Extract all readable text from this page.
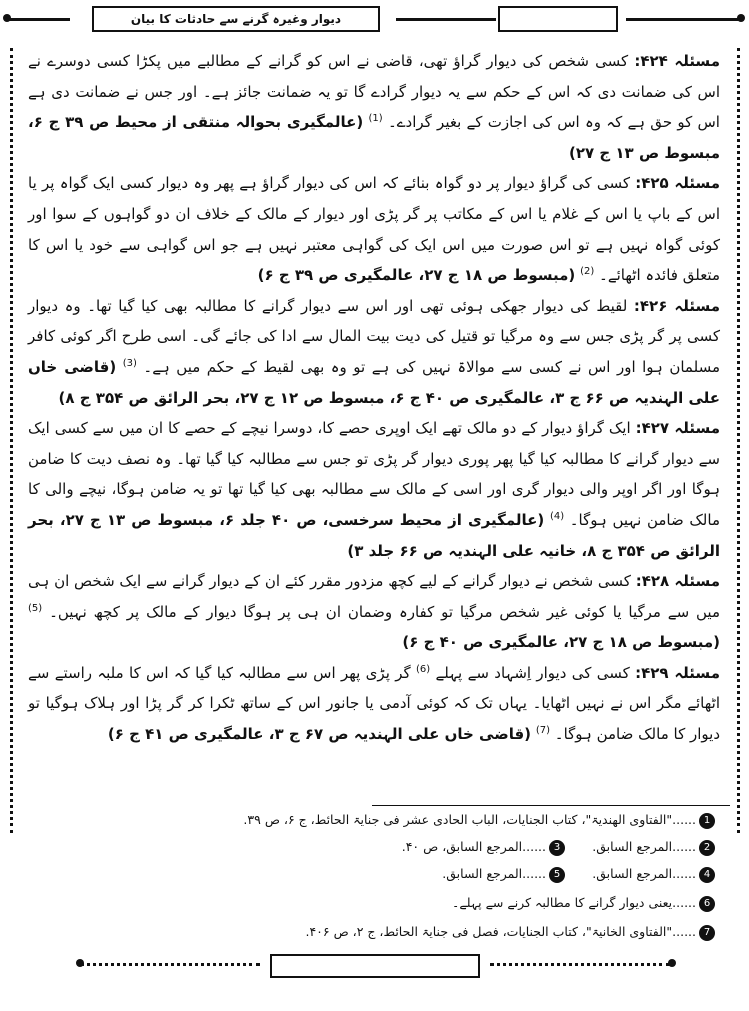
دیوار وغیرہ گرنے سے حادثات کا بیان

مسئلہ ۴۲۴: کسی شخص کی دیوار گراؤ تھی، قاضی نے اس کو گرانے کے مطالبے میں پکڑا کسی دوسرے نے اس کی ضمانت دی کہ اس کے حکم سے یہ دیوار گرادے گا تو یہ ضمانت جائز ہے۔ اور جس نے ضمانت دی ہے اس کو حق ہے کہ وہ اس کی اجازت کے بغیر گرادے۔ $^{(1)}$ (عالمگیری بحوالہ منتقی از محیط ص ۳۹ ج ۶، مبسوط ص ۱۳ ج ۲۷)

مسئلہ ۴۲۵: کسی کی گراؤ دیوار پر دو گواہ بنائے کہ اس کی دیوار گراؤ ہے پھر وہ دیوار کسی ایک گواہ پر یا اس کے باپ یا اس کے غلام یا اس کے مکاتب پر گر پڑی اور دیوار کے مالک کے خلاف ان دو گواہوں کے سوا اور کوئی گواہ نہیں ہے تو اس صورت میں اس ایک کی گواہی معتبر نہیں ہے جو اس گواہی سے خود یا اس کا متعلق فائدہ اٹھائے۔ $^{(2)}$ (مبسوط ص ۱۸ ج ۲۷، عالمگیری ص ۳۹ ج ۶)

مسئلہ ۴۲۶: لقیط کی دیوار جھکی ہوئی تھی اور اس سے دیوار گرانے کا مطالبہ بھی کیا گیا تھا۔ وہ دیوار کسی پر گر پڑی جس سے وہ مرگیا تو قتیل کی دیت بیت المال سے ادا کی جائے گی۔ اسی طرح اگر کوئی کافر مسلمان ہوا اور اس نے کسی سے موالاۃ نہیں کی ہے تو وہ بھی لقیط کے حکم میں ہے۔ $^{(3)}$ (قاضی خاں علی الہندیہ ص ۶۶ ج ۳، عالمگیری ص ۴۰ ج ۶، مبسوط ص ۱۲ ج ۲۷، بحر الرائق ص ۳۵۴ ج ۸)

مسئلہ ۴۲۷: ایک گراؤ دیوار کے دو مالک تھے ایک اوپری حصے کا، دوسرا نیچے کے حصے کا ان میں سے کسی ایک سے دیوار گرانے کا مطالبہ کیا گیا پھر پوری دیوار گر پڑی تو جس سے مطالبہ کیا گیا تھا۔ وہ نصف دیت کا ضامن ہوگا اور اگر اوپر والی دیوار گری اور اسی کے مالک سے مطالبہ بھی کیا گیا تھا تو یہ ضامن ہوگا، نیچے والی کا مالک ضامن نہیں ہوگا۔ $^{(4)}$ (عالمگیری از محیط سرخسی، ص ۴۰ جلد ۶، مبسوط ص ۱۳ ج ۲۷، بحر الرائق ص ۳۵۴ ج ۸، خانیہ علی الہندیہ ص ۶۶ جلد ۳)

مسئلہ ۴۲۸: کسی شخص نے دیوار گرانے کے لیے کچھ مزدور مقرر کئے ان کے دیوار گرانے سے ایک شخص ان ہی میں سے مرگیا یا کوئی غیر شخص مرگیا تو کفارہ وضمان ان ہی پر ہوگا دیوار کے مالک پر کچھ نہیں۔ $^{(5)}$ (مبسوط ص ۱۸ ج ۲۷، عالمگیری ص ۴۰ ج ۶)

مسئلہ ۴۲۹: کسی کی دیوار اِشہاد سے پہلے $^{(6)}$ گر پڑی پھر اس سے مطالبہ کیا گیا کہ اس کا ملبہ راستے سے اٹھائے مگر اس نے نہیں اٹھایا۔ یہاں تک کہ کوئی آدمی یا جانور اس کے ساتھ ٹکرا کر گر پڑا اور ہلاک ہوگیا تو دیوار کا مالک ضامن ہوگا۔ $^{(7)}$ (قاضی خاں علی الہندیہ ص ۶۷ ج ۳، عالمگیری ص ۴۱ ج ۶)

1......"الفتاوی الھندیۃ"، کتاب الجنایات، الباب الحادی عشر فی جنایۃ الحائط، ج ۶، ص ۳۹.
2......المرجع السابق.
3......المرجع السابق، ص ۴۰.
4......المرجع السابق.
5......المرجع السابق.
6......یعنی دیوار گرانے کا مطالبہ کرنے سے پہلے۔
7......"الفتاوی الخانیۃ"، کتاب الجنایات، فصل فی جنایۃ الحائط، ج ۲، ص ۴۰۶.
